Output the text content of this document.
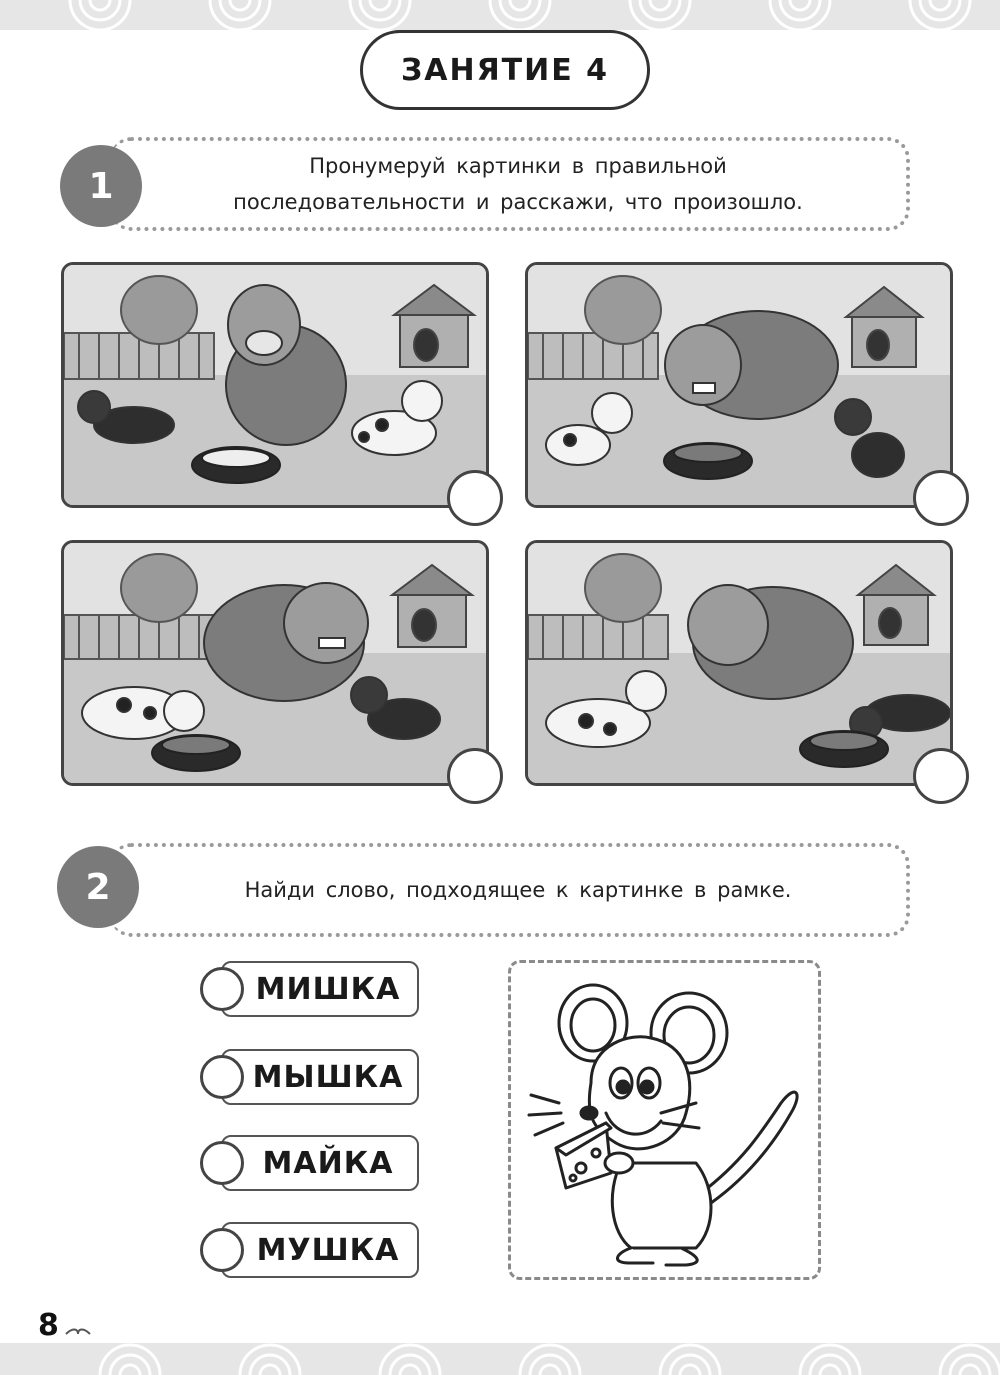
ЗАНЯТИЕ 4
Пронумеруй картинки в правильной
последовательности и расскажи, что произошло.
1
Найди слово, подходящее к картинке в рамке.
2
МИШКА
МЫШКА
МАЙКА
МУШКА
8
